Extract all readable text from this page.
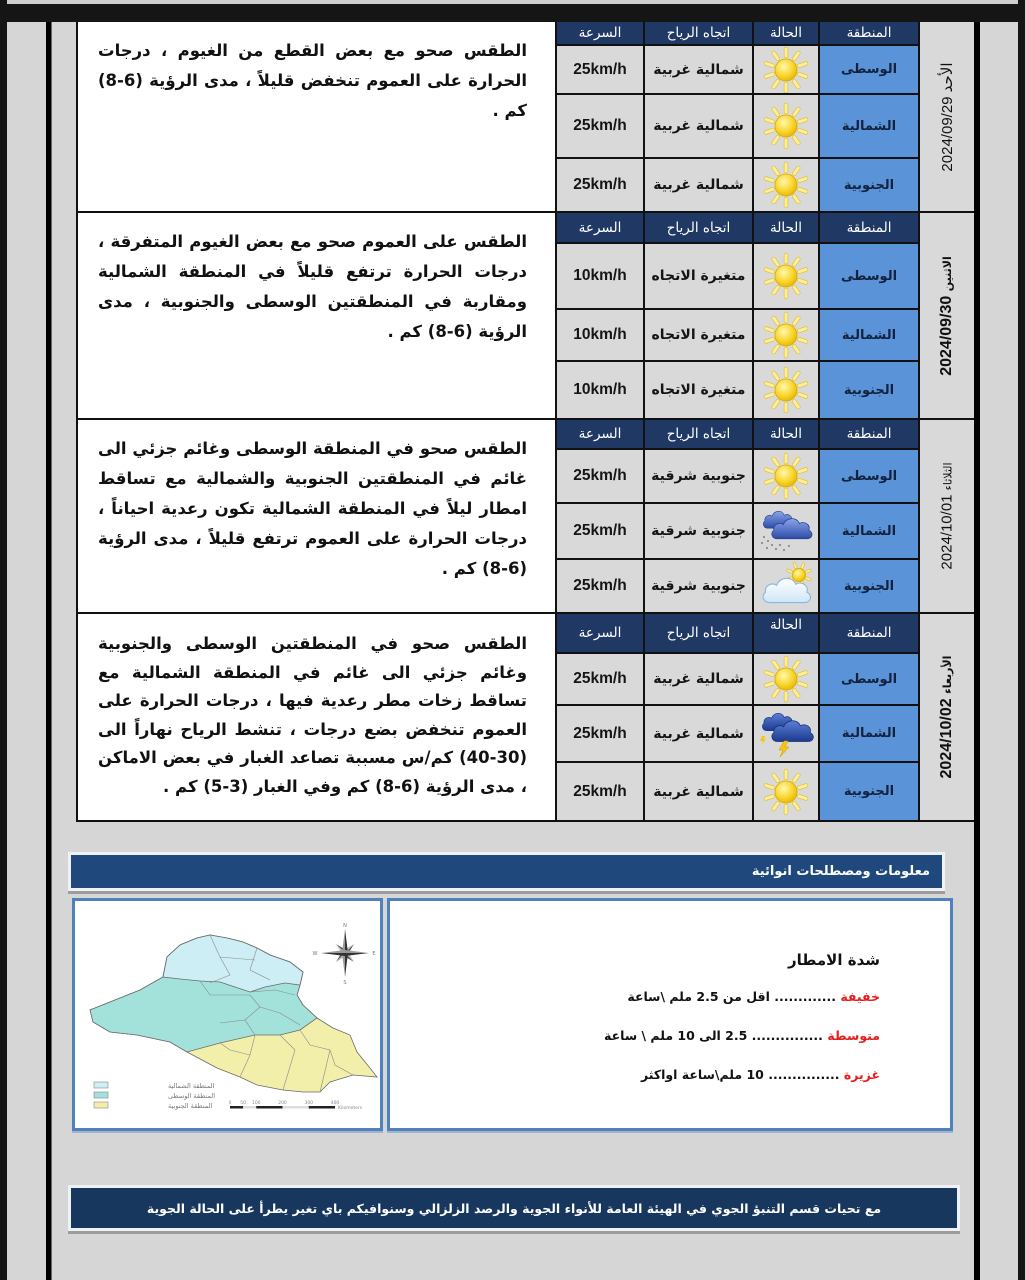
الطقس صحو مع بعض القطع من الغيوم ، درجات الحرارة على العموم تنخفض قليلاً ، مدى الرؤية (6-8) كم .
السرعة	اتجاه الرياح	الحالة	المنطقة
الأحد 2024/09/29
25km/h	شمالية غربية	الوسطى
25km/h	شمالية غربية	الشمالية
25km/h	شمالية غربية	الجنوبية
الطقس على العموم صحو مع بعض الغيوم المتفرقة ، درجات الحرارة ترتفع قليلاً في المنطقة الشمالية ومقاربة في المنطقتين الوسطى والجنوبية ، مدى الرؤية (6-8) كم .
السرعة	اتجاه الرياح	الحالة	المنطقة
الاثنين 2024/09/30
10km/h	متغيرة الاتجاه	الوسطى
10km/h	متغيرة الاتجاه	الشمالية
10km/h	متغيرة الاتجاه	الجنوبية
الطقس صحو في المنطقة الوسطى وغائم جزئي الى غائم في المنطقتين الجنوبية والشمالية مع تساقط امطار ليلاً في المنطقة الشمالية تكون رعدية احياناً ، درجات الحرارة على العموم ترتفع قليلاً ، مدى الرؤية (6-8) كم .
السرعة	اتجاه الرياح	الحالة	المنطقة
الثلاثاء 2024/10/01
25km/h	جنوبية شرقية	الوسطى
25km/h	جنوبية شرقية	الشمالية
25km/h	جنوبية شرقية	الجنوبية
الطقس صحو في المنطقتين الوسطى والجنوبية وغائم جزئي الى غائم في المنطقة الشمالية مع تساقط زخات مطر رعدية فيها ، درجات الحرارة على العموم تنخفض بضع درجات ، تنشط الرياح نهاراً الى (30-40) كم/س مسببة تصاعد الغبار في بعض الاماكن ، مدى الرؤية (6-8) كم وفي الغبار (3-5) كم .
السرعة	اتجاه الرياح	الحالة	المنطقة
الأربعاء 2024/10/02
25km/h	شمالية غربية	الوسطى
25km/h	شمالية غربية	الشمالية
25km/h	شمالية غربية	الجنوبية
معلومات ومصطلحات انوائية
N
E
S
W
المنطقة الشمالية
المنطقة الوسطى
المنطقة الجنوبية	0 50 100	200	300	400
Kilometers
شدة الامطار
خفيفة ............. اقل من 2.5 ملم \ساعة
متوسطة ............... 2.5 الى 10 ملم \ ساعة
غزيرة ............... 10 ملم\ساعة اواكثر
مع تحيات قسم التنبؤ الجوي في الهيئة العامة للأنواء الجوية والرصد الزلزالي وسنوافيكم باي تغير يطرأ على الحالة الجوية
